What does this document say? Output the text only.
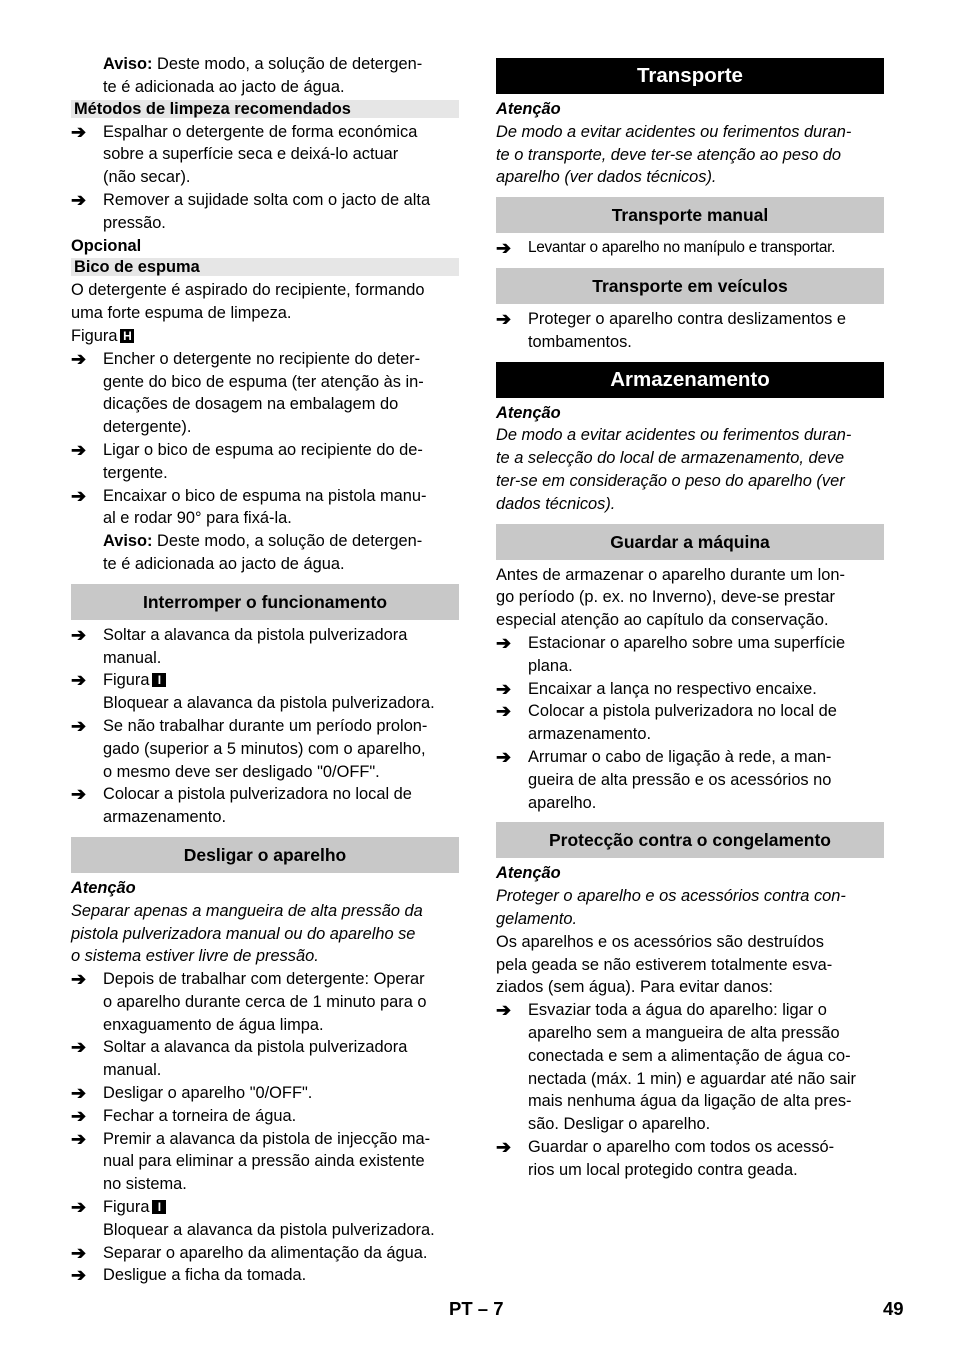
Aviso: Deste modo, a solução de detergen-
te é adicionada ao jacto de água.

Métodos de limpeza recomendados
➔	Espalhar o detergente de forma económica
sobre a superfície seca e deixá-lo actuar
(não secar).
➔	Remover a sujidade solta com o jacto de alta
pressão.

Opcional

Bico de espuma

O detergente é aspirado do recipiente, formando
uma forte espuma de limpeza.

Figura H

➔	Encher o detergente no recipiente do deter-
gente do bico de espuma (ter atenção às in-
dicações de dosagem na embalagem do
detergente).
➔	Ligar o bico de espuma ao recipiente do de-
tergente.
➔	Encaixar o bico de espuma na pistola manu-
al e rodar 90° para fixá-la.

Aviso: Deste modo, a solução de detergen-
te é adicionada ao jacto de água.

Interromper o funcionamento
➔	Soltar a alavanca da pistola pulverizadora
manual.
➔	Figura I

Bloquear a alavanca da pistola pulverizadora.

➔	Se não trabalhar durante um período prolon-
gado (superior a 5 minutos) com o aparelho,
o mesmo deve ser desligado "0/OFF".
➔	Colocar a pistola pulverizadora no local de
armazenamento.
Desligar o aparelho

Atenção

Separar apenas a mangueira de alta pressão da
pistola pulverizadora manual ou do aparelho se
o sistema estiver livre de pressão.

➔	Depois de trabalhar com detergente: Operar
o aparelho durante cerca de 1 minuto para o
enxaguamento de água limpa.
➔	Soltar a alavanca da pistola pulverizadora
manual.
➔	Desligar o aparelho "0/OFF".
➔	Fechar a torneira de água.
➔	Premir a alavanca da pistola de injecção ma-
nual para eliminar a pressão ainda existente
no sistema.
➔	Figura I

Bloquear a alavanca da pistola pulverizadora.

➔	Separar o aparelho da alimentação da água.
➔	Desligue a ficha da tomada.
Transporte

Atenção

De modo a evitar acidentes ou ferimentos duran-
te o transporte, deve ter-se atenção ao peso do
aparelho (ver dados técnicos).

Transporte manual
➔	Levantar o aparelho no manípulo e transportar.
Transporte em veículos
➔	Proteger o aparelho contra deslizamentos e
tombamentos.
Armazenamento

Atenção

De modo a evitar acidentes ou ferimentos duran-
te a selecção do local de armazenamento, deve
ter-se em consideração o peso do aparelho (ver
dados técnicos).

Guardar a máquina

Antes de armazenar o aparelho durante um lon-
go período (p. ex. no Inverno), deve-se prestar
especial atenção ao capítulo da conservação.

➔	Estacionar o aparelho sobre uma superfície
plana.
➔	Encaixar a lança no respectivo encaixe.
➔	Colocar a pistola pulverizadora no local de
armazenamento.
➔	Arrumar o cabo de ligação à rede, a man-
gueira de alta pressão e os acessórios no
aparelho.
Protecção contra o congelamento

Atenção

Proteger o aparelho e os acessórios contra con-
gelamento.

Os aparelhos e os acessórios são destruídos
pela geada se não estiverem totalmente esva-
ziados (sem água). Para evitar danos:

➔	Esvaziar toda a água do aparelho: ligar o
aparelho sem a mangueira de alta pressão
conectada e sem a alimentação de água co-
nectada (máx. 1 min) e aguardar até não sair
mais nenhuma água da ligação de alta pres-
são. Desligar o aparelho.
➔	Guardar o aparelho com todos os acessó-
rios um local protegido contra geada.
PT – 7	49
